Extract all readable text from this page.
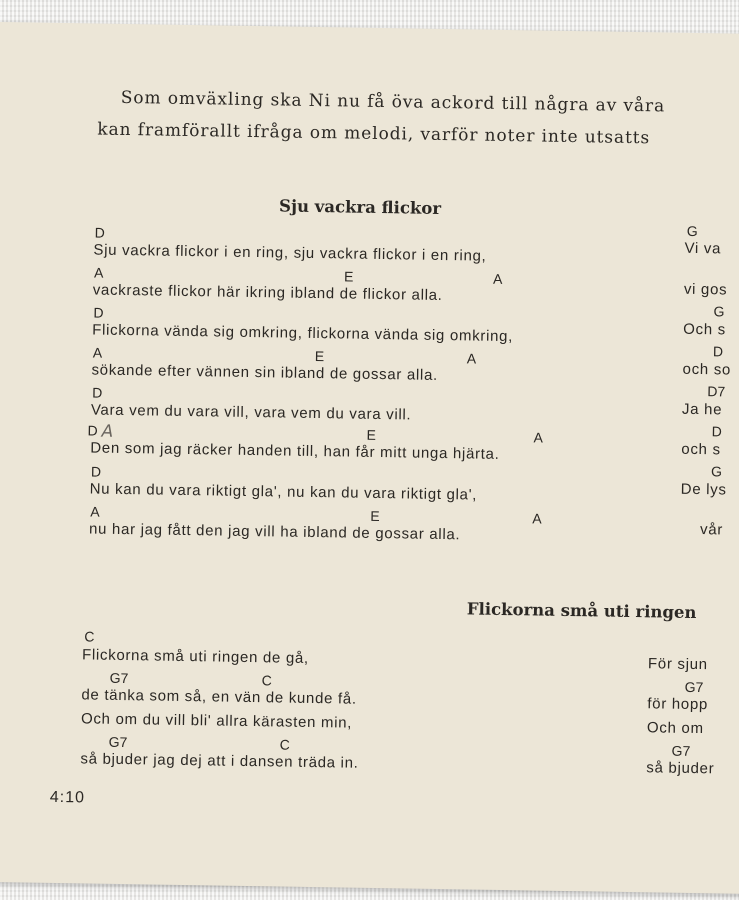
Som omväxling ska Ni nu få öva ackord till några av våra
kan framförallt ifråga om melodi, varför noter inte utsatts
Sju vackra flickor
D
Sju vackra flickor i en ring, sju vackra flickor i en ring,
A	E	A
vackraste flickor här ikring ibland de flickor alla.
D
Flickorna vända sig omkring, flickorna vända sig omkring,
A	E	A
sökande efter vännen sin ibland de gossar alla.
D
Vara vem du vara vill, vara vem du vara vill.
D A	E	A
Den som jag räcker handen till, han får mitt unga hjärta.
D
Nu kan du vara riktigt gla', nu kan du vara riktigt gla',
A	E	A
nu har jag fått den jag vill ha ibland de gossar alla.
G
Vi va
vi gos
G
Och s
D
och so
D7
Ja he
D
och s
G
De lys
vår
Flickorna små uti ringen
C
Flickorna små uti ringen de gå,
G7	C
de tänka som så, en vän de kunde få.
Och om du vill bli' allra kärasten min,
G7	C
så bjuder jag dej att i dansen träda in.
För sjun
G7
för hopp
Och om
G7
så bjuder
4:10
